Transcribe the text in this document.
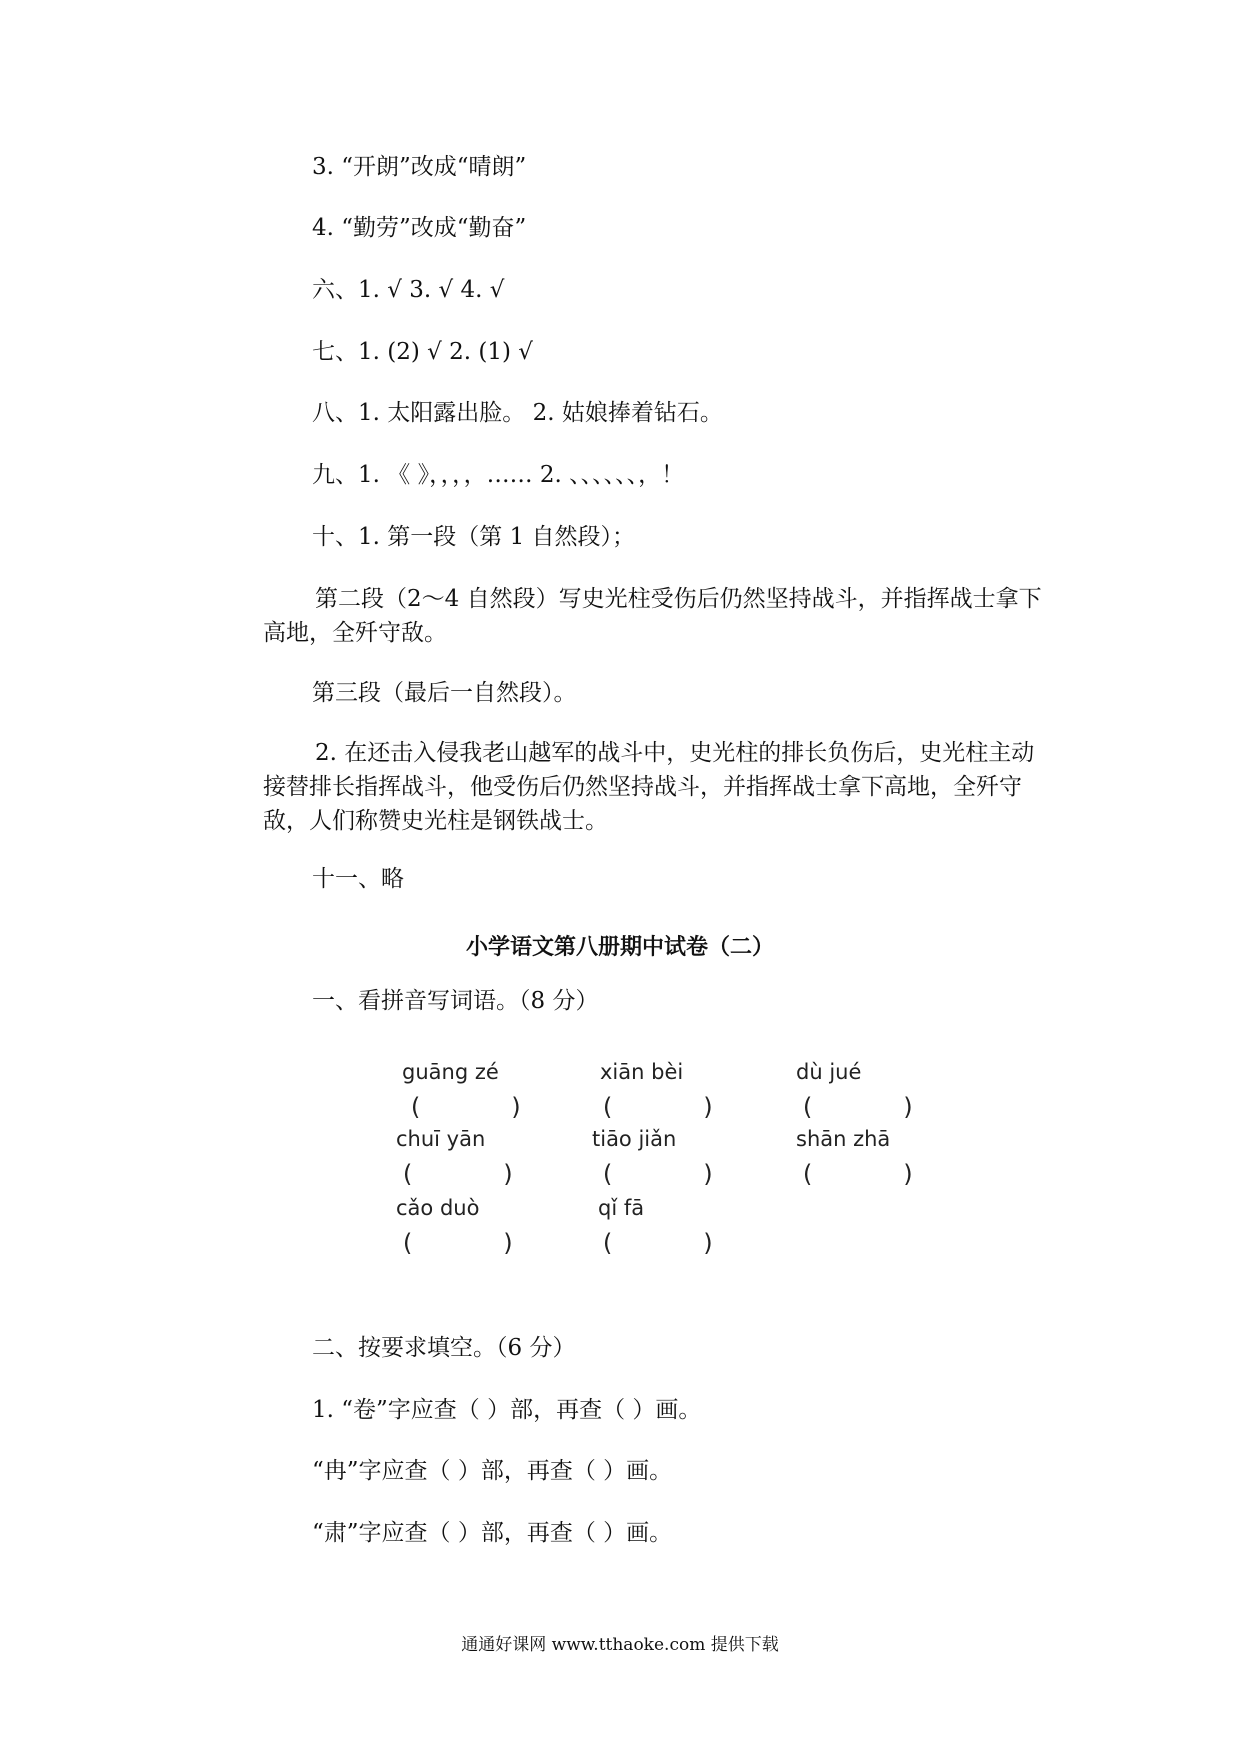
3. “开朗”改成“晴朗”
4. “勤劳”改成“勤奋”
六、1. √ 3. √ 4. √
七、1. (2) √ 2. (1) √
八、1. 太阳露出脸。 2. 姑娘捧着钻石。
九、1. 《 》，，，，…… 2. 、、、、、、，！
十、1. 第一段（第 1 自然段）；
第二段（2～4 自然段）写史光柱受伤后仍然坚持战斗，并指挥战士拿下高地，全歼守敌。
第三段（最后一自然段）。
2. 在还击入侵我老山越军的战斗中，史光柱的排长负伤后，史光柱主动接替排长指挥战斗，他受伤后仍然坚持战斗，并指挥战士拿下高地，全歼守敌，人们称赞史光柱是钢铁战士。
十一、略
小学语文第八册期中试卷（二）
一、看拼音写词语。（8 分）
guāng zé
(      )
xiān bèi
(      )
dù jué
(      )
chuī yān
(      )
tiāo jiǎn
(      )
shān zhā
(      )
cǎo duò
(      )
qǐ fā
(      )
二、按要求填空。（6 分）
1. “卷”字应查（ ）部，再查（ ）画。
“冉”字应查（ ）部，再查（ ）画。
“肃”字应查（ ）部，再查（ ）画。
通通好课网 www.tthaoke.com 提供下载
